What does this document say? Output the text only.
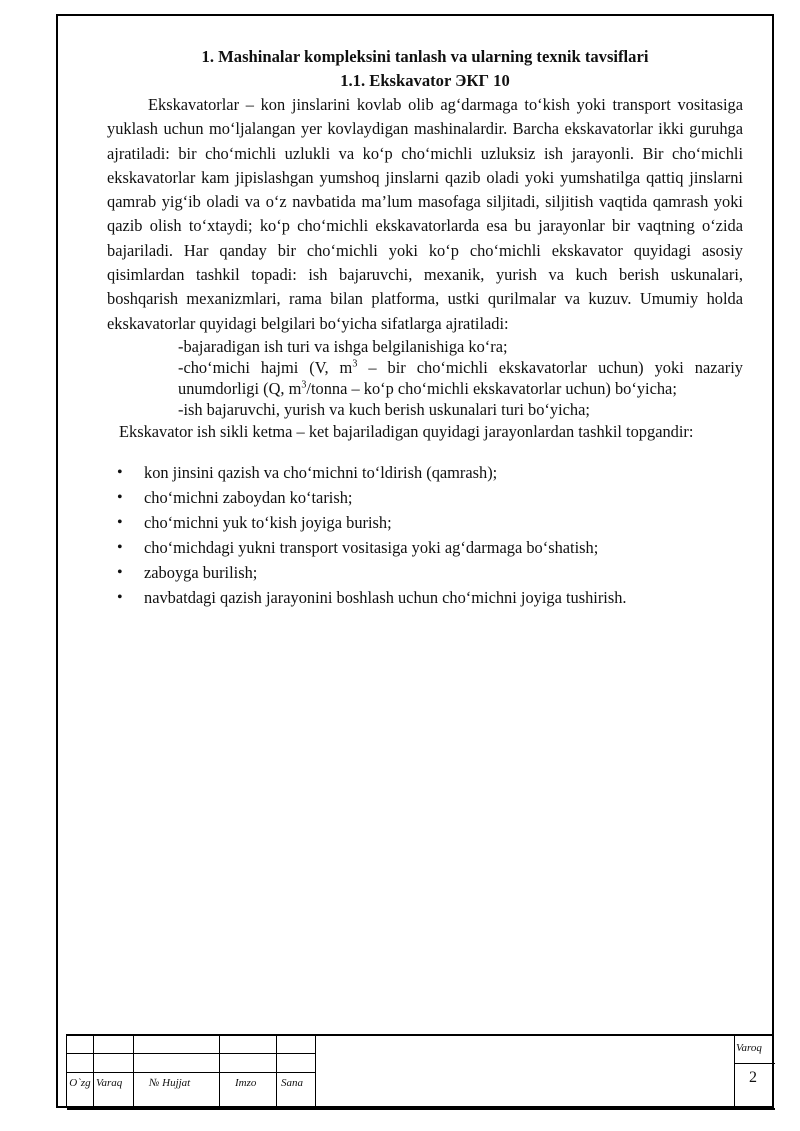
1. Mashinalar kompleksini tanlash va ularning texnik tavsiflari
1.1. Ekskavator ЭКГ 10

Ekskavatorlar – kon jinslarini kovlab olib ag‘darmaga to‘kish yoki transport vositasiga yuklash uchun mo‘ljalangan yer kovlaydigan mashinalardir. Barcha ekskavatorlar ikki guruhga ajratiladi: bir cho‘michli uzlukli va ko‘p cho‘michli uzluksiz ish jarayonli. Bir cho‘michli ekskavatorlar kam jipislashgan yumshoq jinslarni qazib oladi yoki yumshatilga qattiq jinslarni qamrab yig‘ib oladi va o‘z navbatida ma’lum masofaga siljitadi, siljitish vaqtida qamrash yoki qazib olish to‘xtaydi; ko‘p cho‘michli ekskavatorlarda esa bu jarayonlar bir vaqtning o‘zida bajariladi. Har qanday bir cho‘michli yoki ko‘p cho‘michli ekskavator quyidagi asosiy qisimlardan tashkil topadi: ish bajaruvchi, mexanik, yurish va kuch berish uskunalari, boshqarish mexanizmlari, rama bilan platforma, ustki qurilmalar va kuzuv. Umumiy holda ekskavatorlar quyidagi belgilari bo‘yicha sifatlarga ajratiladi:

-bajaradigan ish turi va ishga belgilanishiga ko‘ra;
-cho‘michi hajmi (V, $m^3$ – bir cho‘michli ekskavatorlar uchun) yoki nazariy unumdorligi (Q, $m^3$/tonna – ko‘p cho‘michli ekskavatorlar uchun) bo‘yicha;
-ish bajaruvchi, yurish va kuch berish uskunalari turi bo‘yicha;

Ekskavator ish sikli ketma – ket bajariladigan quyidagi jarayonlardan tashkil topgandir:

• kon jinsini qazish va cho‘michni to‘ldirish (qamrash);
• cho‘michni zaboydan ko‘tarish;
• cho‘michni yuk to‘kish joyiga burish;
• cho‘michdagi yukni transport vositasiga yoki ag‘darmaga bo‘shatish;
• zaboyga burilish;
• navbatdagi qazish jarayonini boshlash uchun cho‘michni joyiga tushirish.
O`zg Varaq № Hujjat	Imzo Sana
Varoq
2
